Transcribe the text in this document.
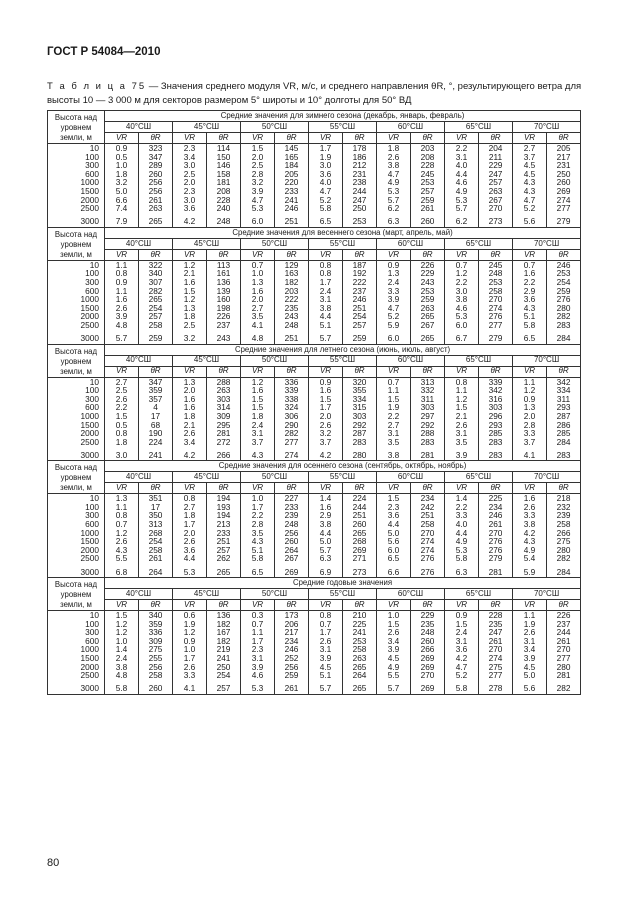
ГОСТ Р 54084—2010
Т а б л и ц а 75 — Значения среднего модуля VR, м/с, и среднего направления θR, °, результирующего ветра для высоты 10 — 3 000 м для секторов размером 5° широты и 10° долготы для 50° ВД
Высота над уровнем земли, м	Средние значения для зимнего сезона (декабрь, январь, февраль)													
	40°СШ		45°СШ		50°СШ		55°СШ		60°СШ		65°СШ		70°СШ	
	VR	θR	VR	θR	VR	θR	VR	θR	VR	θR	VR	θR	VR	θR
10	0.9	323	2.3	114	1.5	145	1.7	178	1.8	203	2.2	204	2.7	205
100	0.5	347	3.4	150	2.0	165	1.9	186	2.6	208	3.1	211	3.7	217
300	1.0	289	3.0	146	2.5	184	3.0	212	3.8	228	4.0	229	4.5	231
600	1.8	260	2.5	158	2.8	205	3.6	231	4.7	245	4.4	247	4.5	250
1000	3.2	256	2.0	181	3.2	220	4.0	238	4.9	253	4.6	257	4.3	260
1500	5.0	256	2.3	208	3.9	233	4.7	244	5.3	257	4.9	263	4.3	269
2000	6.6	261	3.0	228	4.7	241	5.2	247	5.7	259	5.3	267	4.7	274
2500	7.4	263	3.6	240	5.3	246	5.8	250	6.2	261	5.7	270	5.2	277
3000	7.9	265	4.2	248	6.0	251	6.5	253	6.3	260	6.2	273	5.6	279
Высота над уровнем земли, м	Средние значения для весеннего сезона (март, апрель, май)													
	40°СШ		45°СШ		50°СШ		55°СШ		60°СШ		65°СШ		70°СШ	
	VR	θR	VR	θR	VR	θR	VR	θR	VR	θR	VR	θR	VR	θR
10	1.1	322	1.2	113	0.7	129	0.8	187	0.9	226	0.7	245	0.7	246
100	0.8	340	2.1	161	1.0	163	0.8	192	1.3	229	1.2	248	1.6	253
300	0.9	307	1.6	136	1.3	182	1.7	222	2.4	243	2.2	253	2.2	254
600	1.1	282	1.5	139	1.6	203	2.4	237	3.3	253	3.0	258	2.9	259
1000	1.6	265	1.2	160	2.0	222	3.1	246	3.9	259	3.8	270	3.6	276
1500	2.6	254	1.3	198	2.7	235	3.8	251	4.7	263	4.6	274	4.3	280
2000	3.9	257	1.8	226	3.5	243	4.4	254	5.2	265	5.3	276	5.1	282
2500	4.8	258	2.5	237	4.1	248	5.1	257	5.9	267	6.0	277	5.8	283
3000	5.7	259	3.2	243	4.8	251	5.7	259	6.0	265	6.7	279	6.5	284
Высота над уровнем земли, м	Средние значения для летнего сезона (июнь, июль, август)													
	40°СШ		45°СШ		50°СШ		55°СШ		60°СШ		65°СШ		70°СШ	
	VR	θR	VR	θR	VR	θR	VR	θR	VR	θR	VR	θR	VR	θR
10	2.7	347	1.3	288	1.2	336	0.9	320	0.7	313	0.8	339	1.1	342
100	2.5	359	2.0	263	1.6	339	1.6	355	1.1	332	1.1	342	1.2	334
300	2.6	357	1.6	303	1.5	338	1.5	334	1.5	311	1.2	316	0.9	311
600	2.2	4	1.6	314	1.5	324	1.7	315	1.9	303	1.5	303	1.3	293
1000	1.5	17	1.8	309	1.8	306	2.0	303	2.2	297	2.1	296	2.0	287
1500	0.5	68	2.1	295	2.4	290	2.6	292	2.7	292	2.6	293	2.8	286
2000	0.8	190	2.6	281	3.1	282	3.2	287	3.1	288	3.1	285	3.3	285
2500	1.8	224	3.4	272	3.7	277	3.7	283	3.5	283	3.5	283	3.7	284
3000	3.0	241	4.2	266	4.3	274	4.2	280	3.8	281	3.9	283	4.1	283
Высота над уровнем земли, м	Средние значения для осеннего сезона (сентябрь, октябрь, ноябрь)													
	40°СШ		45°СШ		50°СШ		55°СШ		60°СШ		65°СШ		70°СШ	
	VR	θR	VR	θR	VR	θR	VR	θR	VR	θR	VR	θR	VR	θR
10	1.3	351	0.8	194	1.0	227	1.4	224	1.5	234	1.4	225	1.6	218
100	1.1	17	2.7	193	1.7	233	1.6	244	2.3	242	2.2	234	2.6	232
300	0.8	350	1.8	194	2.2	239	2.9	251	3.6	251	3.3	246	3.3	239
600	0.7	313	1.7	213	2.8	248	3.8	260	4.4	258	4.0	261	3.8	258
1000	1.2	268	2.0	233	3.5	256	4.4	265	5.0	270	4.4	270	4.2	266
1500	2.6	254	2.6	251	4.3	260	5.0	268	5.6	274	4.9	276	4.3	275
2000	4.3	258	3.6	257	5.1	264	5.7	269	6.0	274	5.3	276	4.9	280
2500	5.5	261	4.4	262	5.8	267	6.3	271	6.5	276	5.8	279	5.4	282
3000	6.8	264	5.3	265	6.5	269	6.9	273	6.6	276	6.3	281	5.9	284
Высота над уровнем земли, м	Средние годовые значения													
	40°СШ		45°СШ		50°СШ		55°СШ		60°СШ		65°СШ		70°СШ	
	VR	θR	VR	θR	VR	θR	VR	θR	VR	θR	VR	θR	VR	θR
10	1.5	340	0.6	136	0.3	173	0.8	210	1.0	229	0.9	228	1.1	226
100	1.2	359	1.9	182	0.7	206	0.7	225	1.5	235	1.5	235	1.9	237
300	1.2	336	1.2	167	1.1	217	1.7	241	2.6	248	2.4	247	2.6	244
600	1.0	309	0.9	182	1.7	234	2.6	253	3.4	260	3.1	261	3.1	261
1000	1.4	275	1.0	219	2.3	246	3.1	258	3.9	266	3.6	270	3.4	270
1500	2.4	255	1.7	241	3.1	252	3.9	263	4.5	269	4.2	274	3.9	277
2000	3.8	256	2.6	250	3.9	256	4.5	265	4.9	269	4.7	275	4.5	280
2500	4.8	258	3.3	254	4.6	259	5.1	264	5.5	270	5.2	277	5.0	281
3000	5.8	260	4.1	257	5.3	261	5.7	265	5.7	269	5.8	278	5.6	282
80
